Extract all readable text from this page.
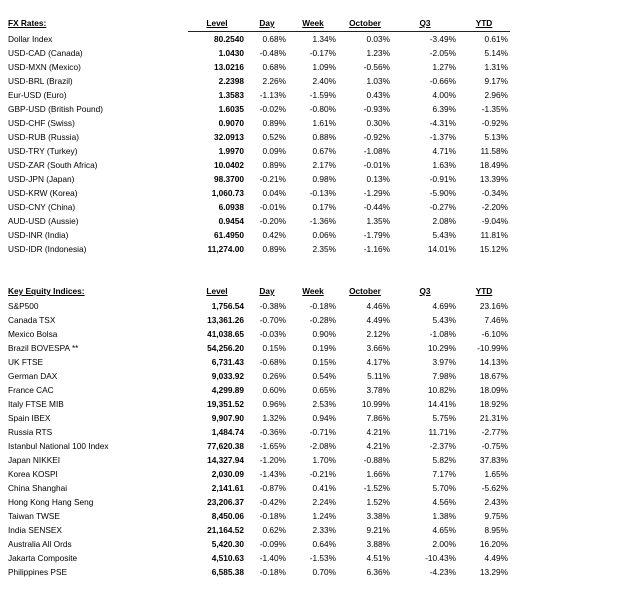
FX Rates:	Level	Day	Week	October	Q3	YTD
Dollar Index	80.2540	0.68%	1.34%	0.03%	-3.49%	0.61%
USD-CAD (Canada)	1.0430	-0.48%	-0.17%	1.23%	-2.05%	5.14%
USD-MXN (Mexico)	13.0216	0.68%	1.09%	-0.56%	1.27%	1.31%
USD-BRL (Brazil)	2.2398	2.26%	2.40%	1.03%	-0.66%	9.17%
Eur-USD (Euro)	1.3583	-1.13%	-1.59%	0.43%	4.00%	2.96%
GBP-USD (British Pound)	1.6035	-0.02%	-0.80%	-0.93%	6.39%	-1.35%
USD-CHF (Swiss)	0.9070	0.89%	1.61%	0.30%	-4.31%	-0.92%
USD-RUB (Russia)	32.0913	0.52%	0.88%	-0.92%	-1.37%	5.13%
USD-TRY (Turkey)	1.9970	0.09%	0.67%	-1.08%	4.71%	11.58%
USD-ZAR (South Africa)	10.0402	0.89%	2.17%	-0.01%	1.63%	18.49%
USD-JPN (Japan)	98.3700	-0.21%	0.98%	0.13%	-0.91%	13.39%
USD-KRW (Korea)	1,060.73	0.04%	-0.13%	-1.29%	-5.90%	-0.34%
USD-CNY (China)	6.0938	-0.01%	0.17%	-0.44%	-0.27%	-2.20%
AUD-USD (Aussie)	0.9454	-0.20%	-1.36%	1.35%	2.08%	-9.04%
USD-INR (India)	61.4950	0.42%	0.06%	-1.79%	5.43%	11.81%
USD-IDR (Indonesia)	11,274.00	0.89%	2.35%	-1.16%	14.01%	15.12%
Key Equity Indices:	Level	Day	Week	October	Q3	YTD
S&P500	1,756.54	-0.38%	-0.18%	4.46%	4.69%	23.16%
Canada TSX	13,361.26	-0.70%	-0.28%	4.49%	5.43%	7.46%
Mexico Bolsa	41,038.65	-0.03%	0.90%	2.12%	-1.08%	-6.10%
Brazil BOVESPA **	54,256.20	0.15%	0.19%	3.66%	10.29%	-10.99%
UK FTSE	6,731.43	-0.68%	0.15%	4.17%	3.97%	14.13%
German DAX	9,033.92	0.26%	0.54%	5.11%	7.98%	18.67%
France CAC	4,299.89	0.60%	0.65%	3.78%	10.82%	18.09%
Italy FTSE MIB	19,351.52	0.96%	2.53%	10.99%	14.41%	18.92%
Spain IBEX	9,907.90	1.32%	0.94%	7.86%	5.75%	21.31%
Russia RTS	1,484.74	-0.36%	-0.71%	4.21%	11.71%	-2.77%
Istanbul National 100 Index	77,620.38	-1.65%	-2.08%	4.21%	-2.37%	-0.75%
Japan NIKKEI	14,327.94	-1.20%	1.70%	-0.88%	5.82%	37.83%
Korea KOSPI	2,030.09	-1.43%	-0.21%	1.66%	7.17%	1.65%
China Shanghai	2,141.61	-0.87%	0.41%	-1.52%	5.70%	-5.62%
Hong Kong Hang Seng	23,206.37	-0.42%	2.24%	1.52%	4.56%	2.43%
Taiwan TWSE	8,450.06	-0.18%	1.24%	3.38%	1.38%	9.75%
India SENSEX	21,164.52	0.62%	2.33%	9.21%	4.65%	8.95%
Australia All Ords	5,420.30	-0.09%	0.64%	3.88%	2.00%	16.20%
Jakarta Composite	4,510.63	-1.40%	-1.53%	4.51%	-10.43%	4.49%
Philippines PSE	6,585.38	-0.18%	0.70%	6.36%	-4.23%	13.29%
